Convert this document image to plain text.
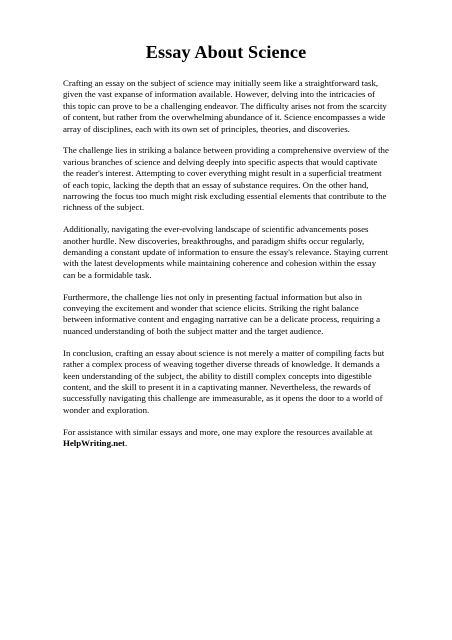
Essay About Science

Crafting an essay on the subject of science may initially seem like a straightforward task, given the vast expanse of information available. However, delving into the intricacies of this topic can prove to be a challenging endeavor. The difficulty arises not from the scarcity of content, but rather from the overwhelming abundance of it. Science encompasses a wide array of disciplines, each with its own set of principles, theories, and discoveries.

The challenge lies in striking a balance between providing a comprehensive overview of the various branches of science and delving deeply into specific aspects that would captivate the reader's interest. Attempting to cover everything might result in a superficial treatment of each topic, lacking the depth that an essay of substance requires. On the other hand, narrowing the focus too much might risk excluding essential elements that contribute to the richness of the subject.

Additionally, navigating the ever-evolving landscape of scientific advancements poses another hurdle. New discoveries, breakthroughs, and paradigm shifts occur regularly, demanding a constant update of information to ensure the essay's relevance. Staying current with the latest developments while maintaining coherence and cohesion within the essay can be a formidable task.

Furthermore, the challenge lies not only in presenting factual information but also in conveying the excitement and wonder that science elicits. Striking the right balance between informative content and engaging narrative can be a delicate process, requiring a nuanced understanding of both the subject matter and the target audience.

In conclusion, crafting an essay about science is not merely a matter of compiling facts but rather a complex process of weaving together diverse threads of knowledge. It demands a keen understanding of the subject, the ability to distill complex concepts into digestible content, and the skill to present it in a captivating manner. Nevertheless, the rewards of successfully navigating this challenge are immeasurable, as it opens the door to a world of wonder and exploration.

For assistance with similar essays and more, one may explore the resources available at HelpWriting.net.
